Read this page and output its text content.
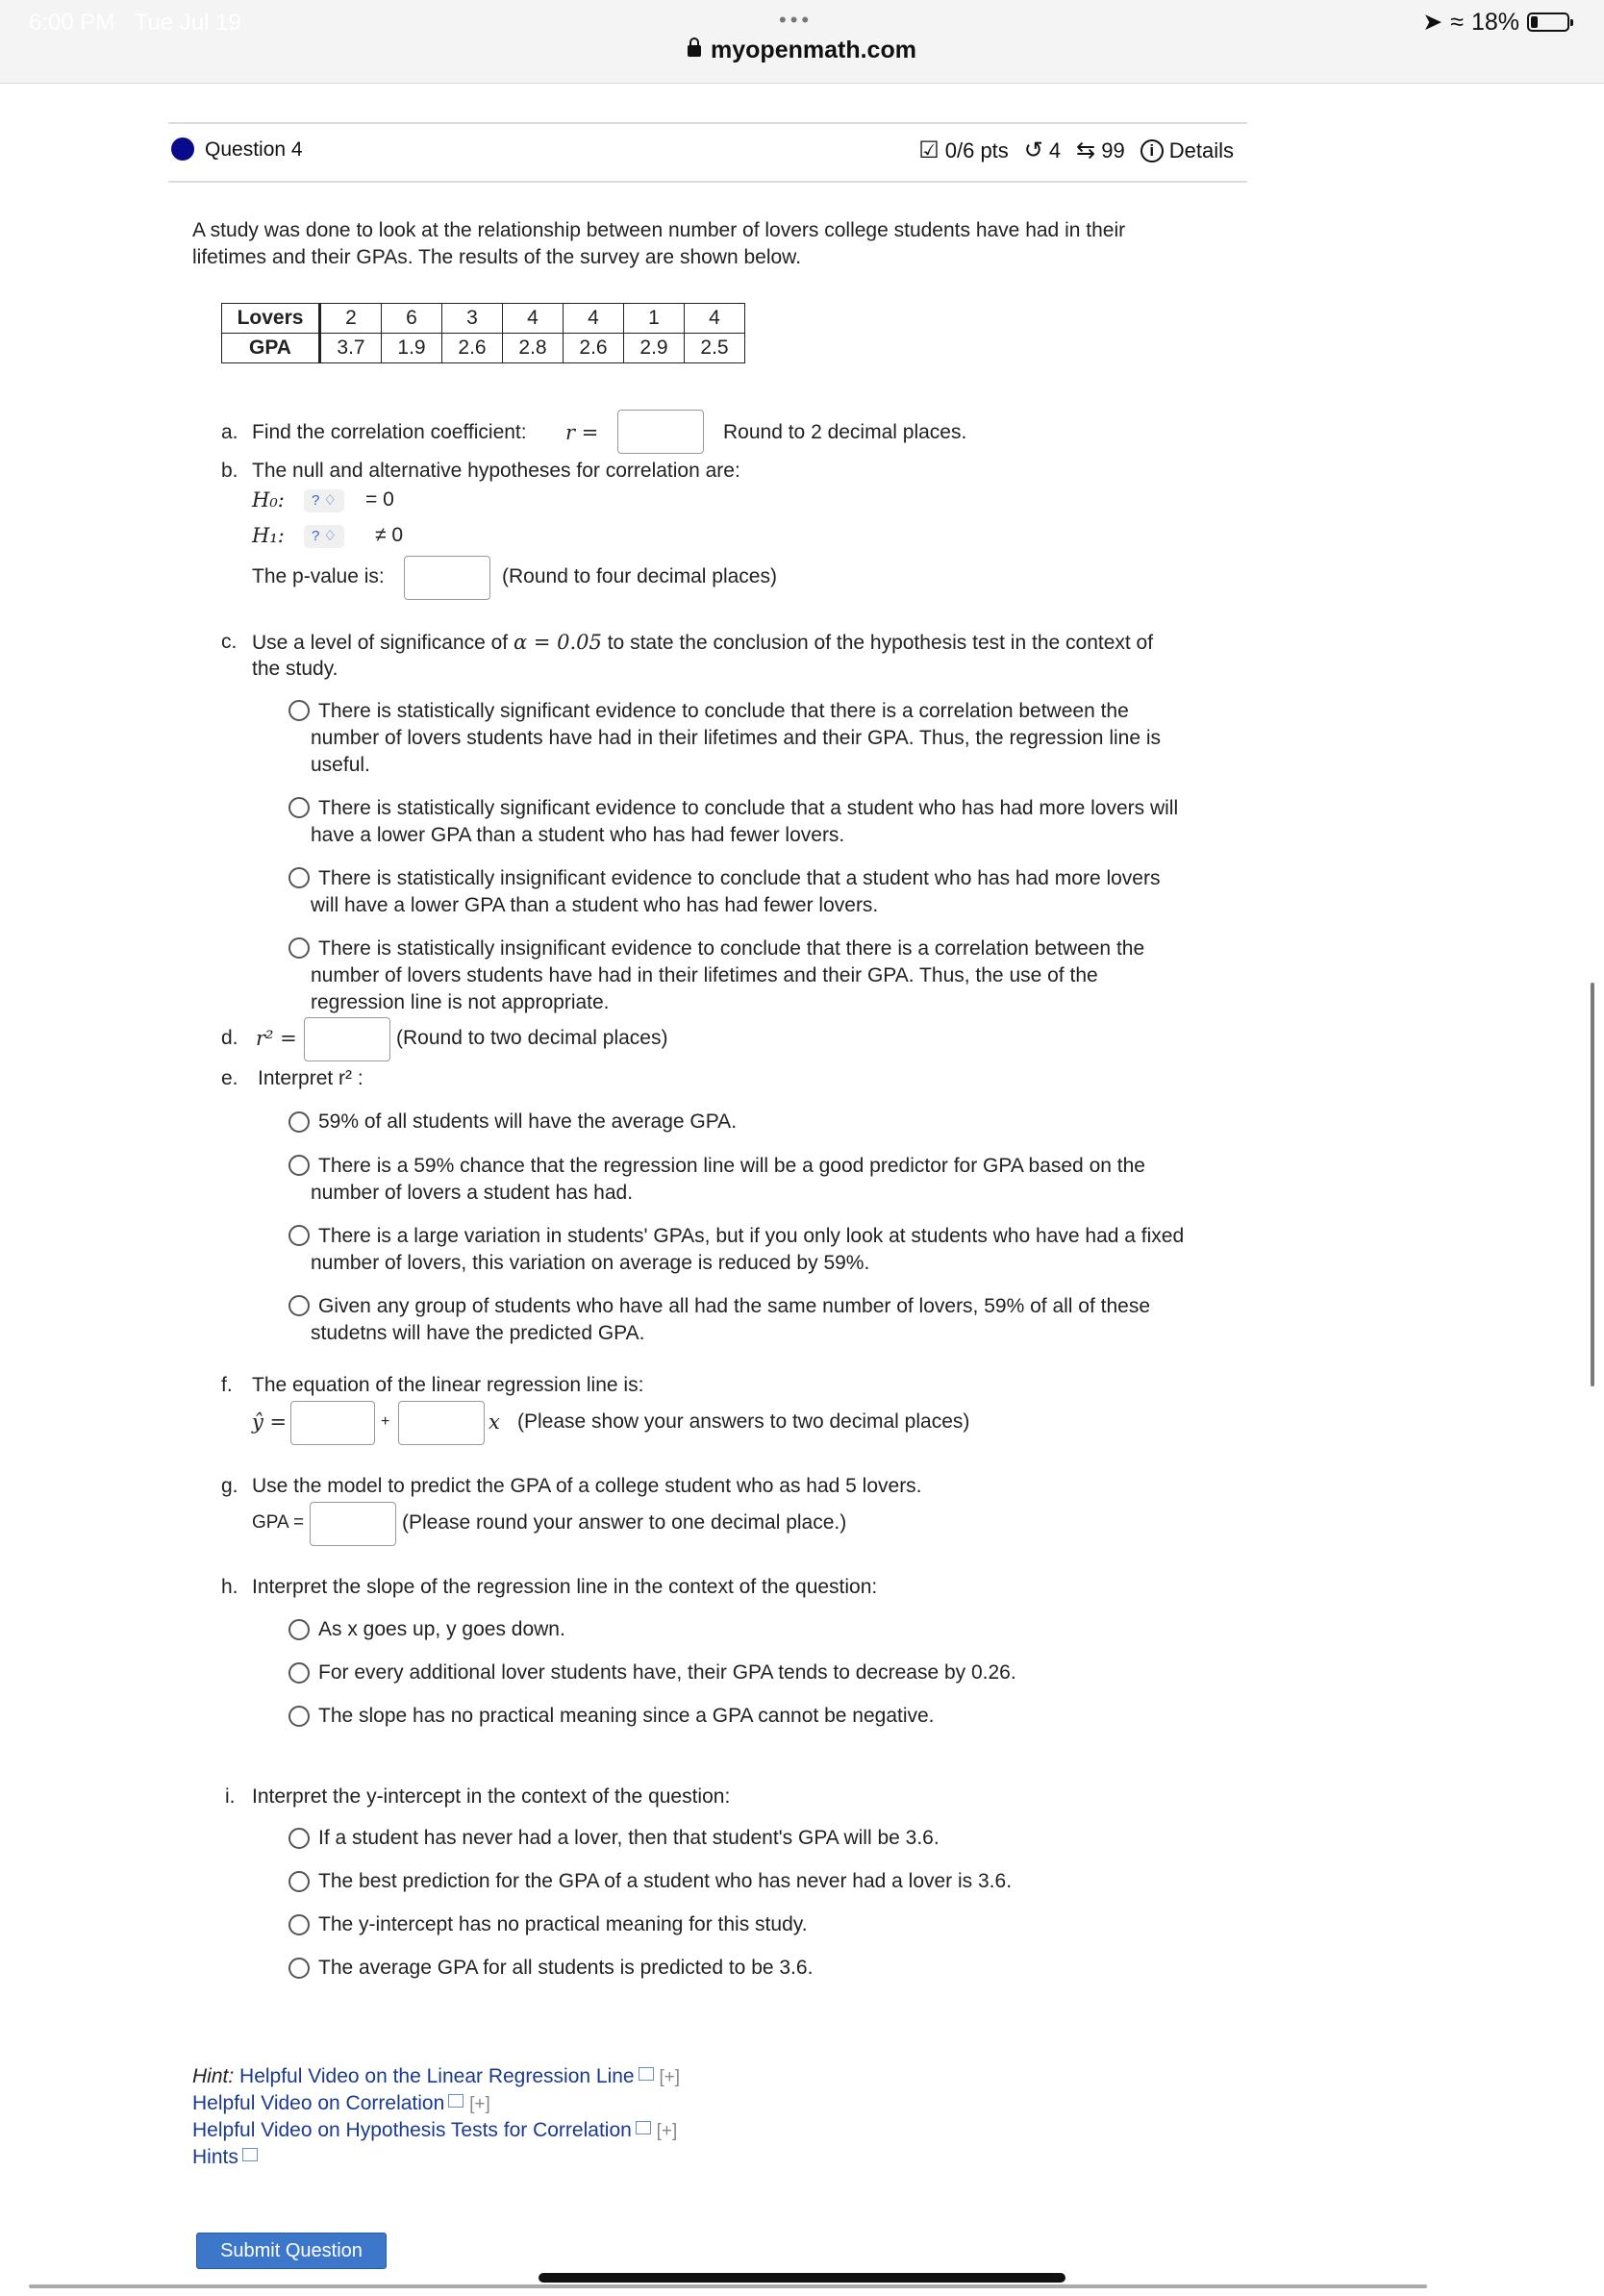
6:00 PM Tue Jul 19	•••	➤ ≈ 18%
myopenmath.com
Question 4	☑ 0/6 pts ↺ 4 ⇆ 99	i Details
A study was done to look at the relationship between number of lovers college students have had in their
lifetimes and their GPAs. The results of the survey are shown below.
Lovers	2	6	3	4	4	1	4
GPA	3.7	1.9	2.6	2.8	2.6	2.9	2.5
a. Find the correlation coefficient: r =	Round to 2 decimal places.
b. The null and alternative hypotheses for correlation are:
H₀:	? ♢	= 0
H₁:	? ♢	≠ 0
The p-value is:	(Round to four decimal places)
c. Use a level of significance of α = 0.05 to state the conclusion of the hypothesis test in the context of
the study.
There is statistically significant evidence to conclude that there is a correlation between the
number of lovers students have had in their lifetimes and their GPA. Thus, the regression line is
useful.
There is statistically significant evidence to conclude that a student who has had more lovers will
have a lower GPA than a student who has had fewer lovers.
There is statistically insignificant evidence to conclude that a student who has had more lovers
will have a lower GPA than a student who has had fewer lovers.
There is statistically insignificant evidence to conclude that there is a correlation between the
number of lovers students have had in their lifetimes and their GPA. Thus, the use of the
regression line is not appropriate.
d. r² =	(Round to two decimal places)
e. Interpret r² :
59% of all students will have the average GPA.
There is a 59% chance that the regression line will be a good predictor for GPA based on the
number of lovers a student has had.
There is a large variation in students' GPAs, but if you only look at students who have had a fixed
number of lovers, this variation on average is reduced by 59%.
Given any group of students who have all had the same number of lovers, 59% of all of these
studetns will have the predicted GPA.
f. The equation of the linear regression line is:
ŷ =	+	x (Please show your answers to two decimal places)
g. Use the model to predict the GPA of a college student who as had 5 lovers.
GPA =	(Please round your answer to one decimal place.)
h. Interpret the slope of the regression line in the context of the question:
As x goes up, y goes down.
For every additional lover students have, their GPA tends to decrease by 0.26.
The slope has no practical meaning since a GPA cannot be negative.
i. Interpret the y-intercept in the context of the question:
If a student has never had a lover, then that student's GPA will be 3.6.
The best prediction for the GPA of a student who has never had a lover is 3.6.
The y-intercept has no practical meaning for this study.
The average GPA for all students is predicted to be 3.6.
Hint: Helpful Video on the Linear Regression Line [+]
Helpful Video on Correlation [+]
Helpful Video on Hypothesis Tests for Correlation [+]
Hints
Submit Question
